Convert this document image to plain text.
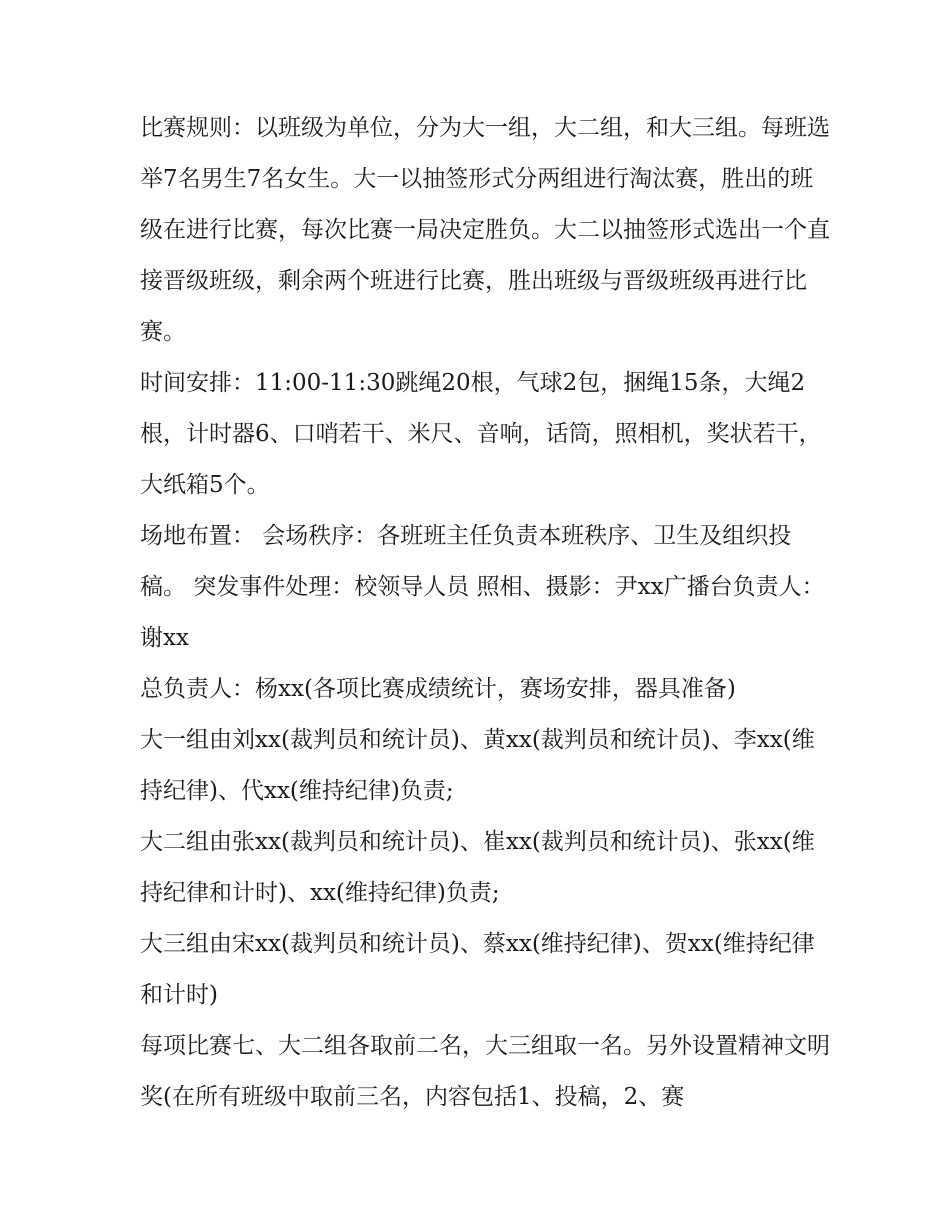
比赛规则：以班级为单位，分为大一组，大二组，和大三组。每班选举7名男生7名女生。大一以抽签形式分两组进行淘汰赛，胜出的班级在进行比赛，每次比赛一局决定胜负。大二以抽签形式选出一个直接晋级班级，剩余两个班进行比赛，胜出班级与晋级班级再进行比赛。

时间安排：11:00-11:30跳绳20根，气球2包，捆绳15条，大绳2根，计时器6、口哨若干、米尺、音响，话筒，照相机，奖状若干，大纸箱5个。

场地布置： 会场秩序：各班班主任负责本班秩序、卫生及组织投稿。 突发事件处理：校领导人员 照相、摄影：尹xx广播台负责人：谢xx

总负责人：杨xx(各项比赛成绩统计，赛场安排，器具准备)

大一组由刘xx(裁判员和统计员)、黄xx(裁判员和统计员)、李xx(维持纪律)、代xx(维持纪律)负责;

大二组由张xx(裁判员和统计员)、崔xx(裁判员和统计员)、张xx(维持纪律和计时)、xx(维持纪律)负责;

大三组由宋xx(裁判员和统计员)、蔡xx(维持纪律)、贺xx(维持纪律和计时)

每项比赛七、大二组各取前二名，大三组取一名。另外设置精神文明奖(在所有班级中取前三名，内容包括1、投稿，2、赛
